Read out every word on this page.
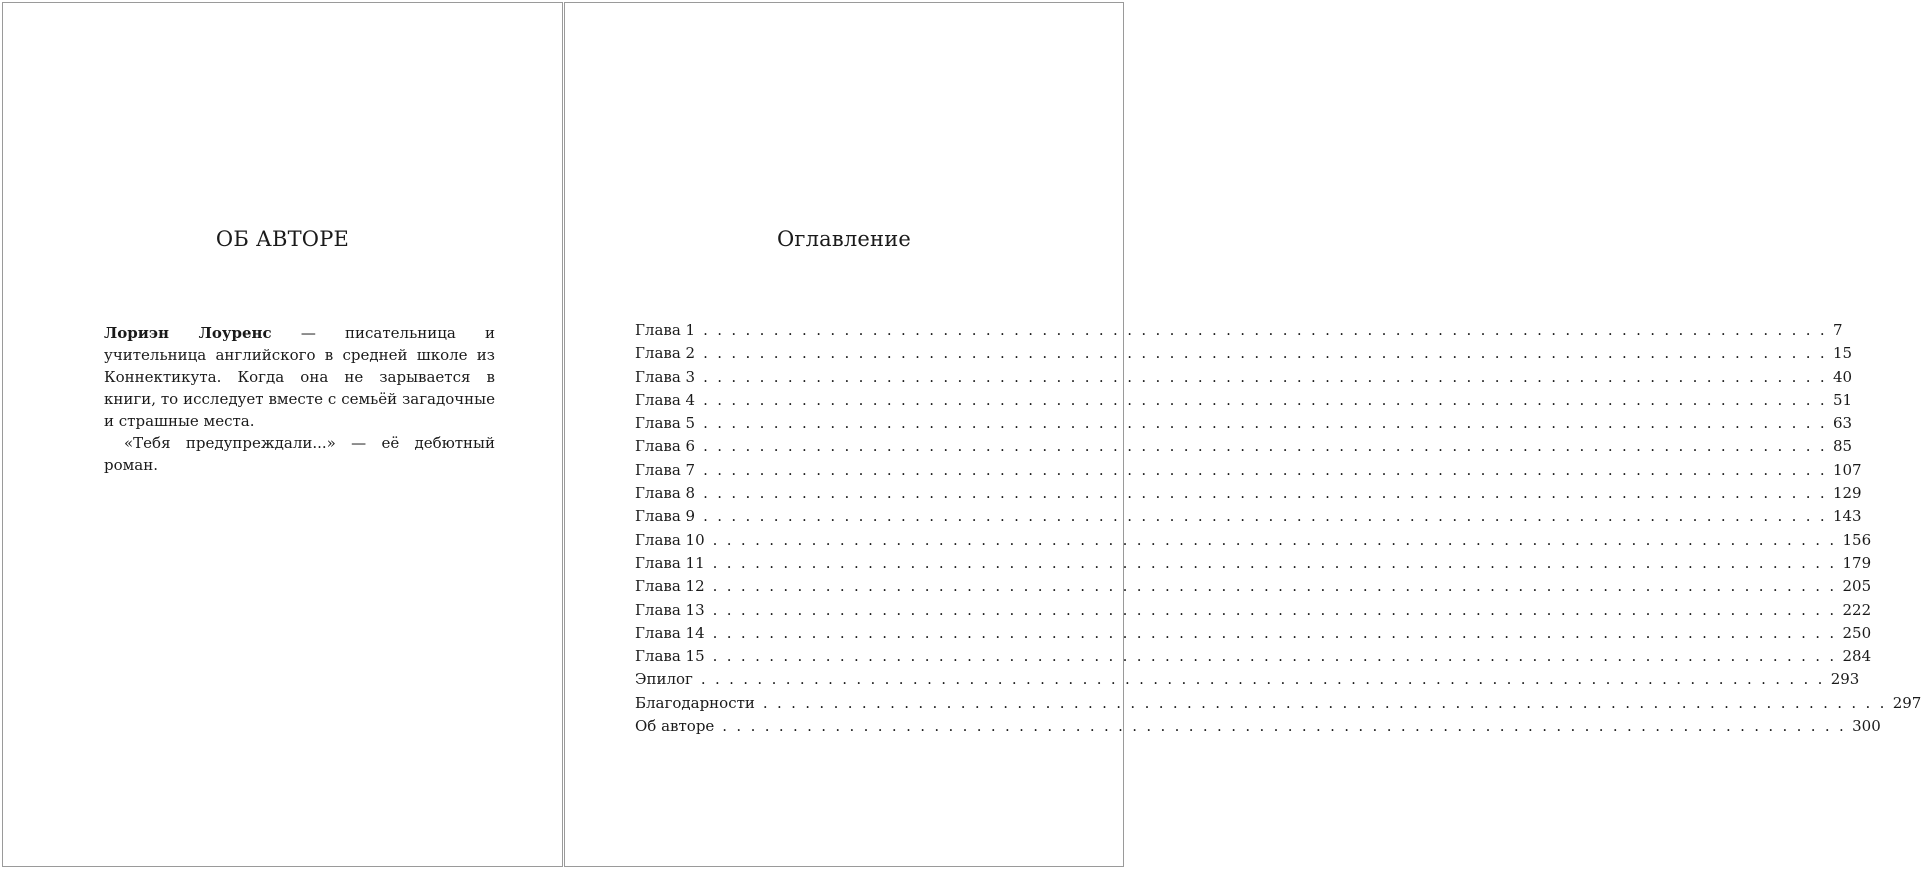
ОБ АВТОРЕ

Лориэн Лоуренс — писательница и учительница английского в средней школе из Коннектикута. Когда она не зарывается в книги, то исследует вместе с семьёй загадочные и страшные места.

«Тебя предупреждали...» — её дебютный роман.

Оглавление
Глава 1 . . . . . . . . . . . . . . . . . . . . . . . . . . . . . . . . . . . . . . . . . . . . . . . . . . . . . . . . . . . . . . . . . . . . . . . . . . . . . . . . 7
Глава 2 . . . . . . . . . . . . . . . . . . . . . . . . . . . . . . . . . . . . . . . . . . . . . . . . . . . . . . . . . . . . . . . . . . . . . . . . . . . . . . . . 15
Глава 3 . . . . . . . . . . . . . . . . . . . . . . . . . . . . . . . . . . . . . . . . . . . . . . . . . . . . . . . . . . . . . . . . . . . . . . . . . . . . . . . . 40
Глава 4 . . . . . . . . . . . . . . . . . . . . . . . . . . . . . . . . . . . . . . . . . . . . . . . . . . . . . . . . . . . . . . . . . . . . . . . . . . . . . . . . 51
Глава 5 . . . . . . . . . . . . . . . . . . . . . . . . . . . . . . . . . . . . . . . . . . . . . . . . . . . . . . . . . . . . . . . . . . . . . . . . . . . . . . . . 63
Глава 6 . . . . . . . . . . . . . . . . . . . . . . . . . . . . . . . . . . . . . . . . . . . . . . . . . . . . . . . . . . . . . . . . . . . . . . . . . . . . . . . . 85
Глава 7 . . . . . . . . . . . . . . . . . . . . . . . . . . . . . . . . . . . . . . . . . . . . . . . . . . . . . . . . . . . . . . . . . . . . . . . . . . . . . . . . 107
Глава 8 . . . . . . . . . . . . . . . . . . . . . . . . . . . . . . . . . . . . . . . . . . . . . . . . . . . . . . . . . . . . . . . . . . . . . . . . . . . . . . . . 129
Глава 9 . . . . . . . . . . . . . . . . . . . . . . . . . . . . . . . . . . . . . . . . . . . . . . . . . . . . . . . . . . . . . . . . . . . . . . . . . . . . . . . . 143
Глава 10 . . . . . . . . . . . . . . . . . . . . . . . . . . . . . . . . . . . . . . . . . . . . . . . . . . . . . . . . . . . . . . . . . . . . . . . . . . . . . . . . 156
Глава 11 . . . . . . . . . . . . . . . . . . . . . . . . . . . . . . . . . . . . . . . . . . . . . . . . . . . . . . . . . . . . . . . . . . . . . . . . . . . . . . . . 179
Глава 12 . . . . . . . . . . . . . . . . . . . . . . . . . . . . . . . . . . . . . . . . . . . . . . . . . . . . . . . . . . . . . . . . . . . . . . . . . . . . . . . . 205
Глава 13 . . . . . . . . . . . . . . . . . . . . . . . . . . . . . . . . . . . . . . . . . . . . . . . . . . . . . . . . . . . . . . . . . . . . . . . . . . . . . . . . 222
Глава 14 . . . . . . . . . . . . . . . . . . . . . . . . . . . . . . . . . . . . . . . . . . . . . . . . . . . . . . . . . . . . . . . . . . . . . . . . . . . . . . . . 250
Глава 15 . . . . . . . . . . . . . . . . . . . . . . . . . . . . . . . . . . . . . . . . . . . . . . . . . . . . . . . . . . . . . . . . . . . . . . . . . . . . . . . . 284
Эпилог . . . . . . . . . . . . . . . . . . . . . . . . . . . . . . . . . . . . . . . . . . . . . . . . . . . . . . . . . . . . . . . . . . . . . . . . . . . . . . . . 293
Благодарности . . . . . . . . . . . . . . . . . . . . . . . . . . . . . . . . . . . . . . . . . . . . . . . . . . . . . . . . . . . . . . . . . . . . . . . . . . . . . . . . 297
Об авторе . . . . . . . . . . . . . . . . . . . . . . . . . . . . . . . . . . . . . . . . . . . . . . . . . . . . . . . . . . . . . . . . . . . . . . . . . . . . . . . . 300
